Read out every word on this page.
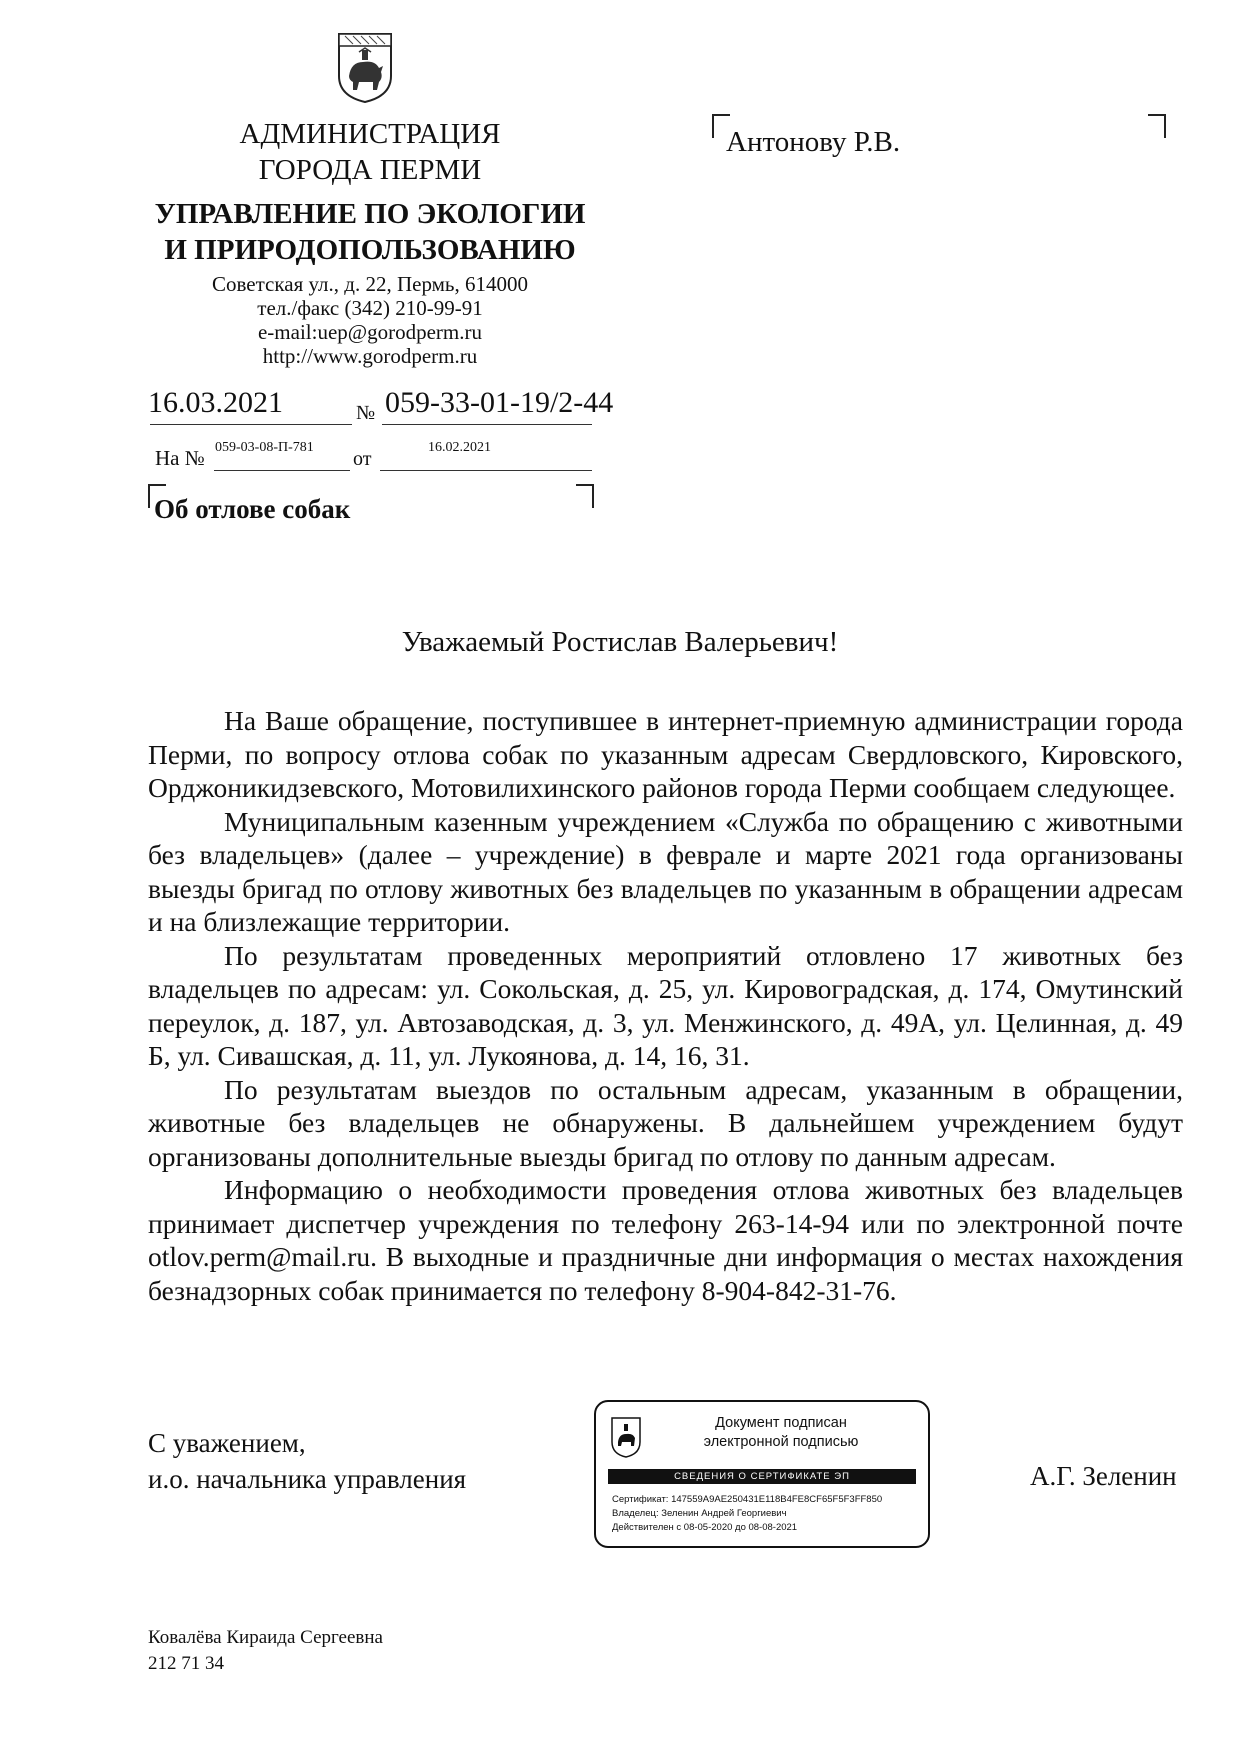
АДМИНИСТРАЦИЯ
ГОРОДА ПЕРМИ
УПРАВЛЕНИЕ ПО ЭКОЛОГИИ
И ПРИРОДОПОЛЬЗОВАНИЮ
Советская ул., д. 22, Пермь, 614000
тел./факс (342) 210-99-91
e-mail:uep@gorodperm.ru
http://www.gorodperm.ru
Антонову Р.В.
16.03.2021	№ 059-33-01-19/2-44
На № 059-03-08-П-781
от
16.02.2021
Об отлове собак
Уважаемый Ростислав Валерьевич!

На Ваше обращение, поступившее в интернет-приемную администрации города Перми, по вопросу отлова собак по указанным адресам Свердловского, Кировского, Орджоникидзевского, Мотовилихинского районов города Перми сообщаем следующее.

Муниципальным казенным учреждением «Служба по обращению с животными без владельцев» (далее – учреждение) в феврале и марте 2021 года организованы выезды бригад по отлову животных без владельцев по указанным в обращении адресам и на близлежащие территории.

По результатам проведенных мероприятий отловлено 17 животных без владельцев по адресам: ул. Сокольская, д. 25, ул. Кировоградская, д. 174, Омутинский переулок, д. 187, ул. Автозаводская, д. 3, ул. Менжинского, д. 49А, ул. Целинная, д. 49 Б, ул. Сивашская, д. 11, ул. Лукоянова, д. 14, 16, 31.

По результатам выездов по остальным адресам, указанным в обращении, животные без владельцев не обнаружены. В дальнейшем учреждением будут организованы дополнительные выезды бригад по отлову по данным адресам.

Информацию о необходимости проведения отлова животных без владельцев принимает диспетчер учреждения по телефону 263-14-94 или по электронной почте otlov.perm@mail.ru. В выходные и праздничные дни информация о местах нахождения безнадзорных собак принимается по телефону 8-904-842-31-76.

С уважением,
и.о. начальника управления
Документ подписан
электронной подписью
СВЕДЕНИЯ О СЕРТИФИКАТЕ ЭП
Сертификат: 147559A9AE250431E118B4FE8CF65F5F3FF850
Владелец: Зеленин Андрей Георгиевич
Действителен с 08-05-2020 до 08-08-2021
А.Г. Зеленин
Ковалёва Кираида Сергеевна
212 71 34
